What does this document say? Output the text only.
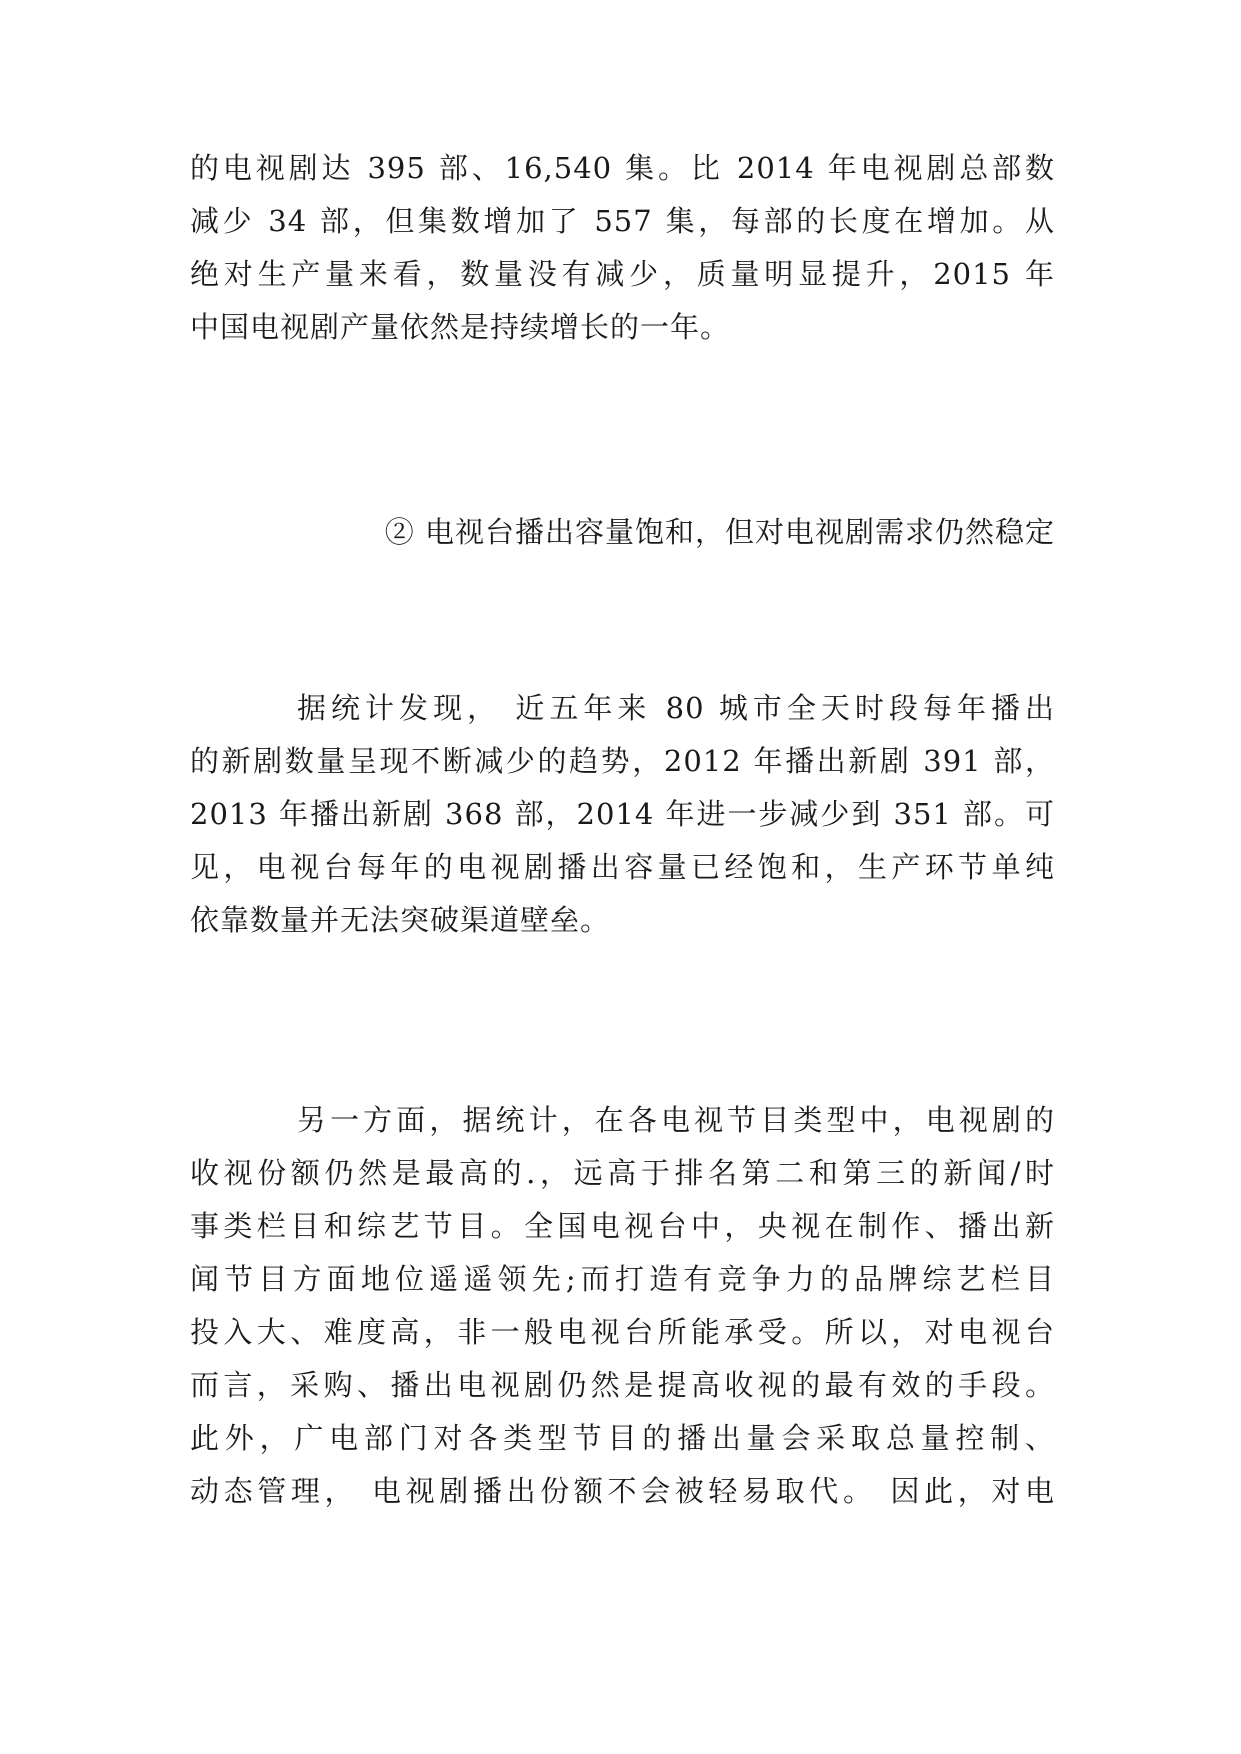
的电视剧达 395 部、16,540 集。比 2014 年电视剧总部数
减少 34 部，但集数增加了 557 集，每部的长度在增加。从
绝对生产量来看，数量没有减少，质量明显提升，2015 年
中国电视剧产量依然是持续增长的一年。
② 电视台播出容量饱和，但对电视剧需求仍然稳定
据统计发现， 近五年来 80 城市全天时段每年播出
的新剧数量呈现不断减少的趋势，2012 年播出新剧 391 部，
2013 年播出新剧 368 部，2014 年进一步减少到 351 部。可
见，电视台每年的电视剧播出容量已经饱和，生产环节单纯
依靠数量并无法突破渠道壁垒。
另一方面，据统计，在各电视节目类型中，电视剧的
收视份额仍然是最高的.，远高于排名第二和第三的新闻/时
事类栏目和综艺节目。全国电视台中，央视在制作、播出新
闻节目方面地位遥遥领先;而打造有竞争力的品牌综艺栏目
投入大、难度高，非一般电视台所能承受。所以，对电视台
而言，采购、播出电视剧仍然是提高收视的最有效的手段。
此外，广电部门对各类型节目的播出量会采取总量控制、
动态管理， 电视剧播出份额不会被轻易取代。 因此，对电
